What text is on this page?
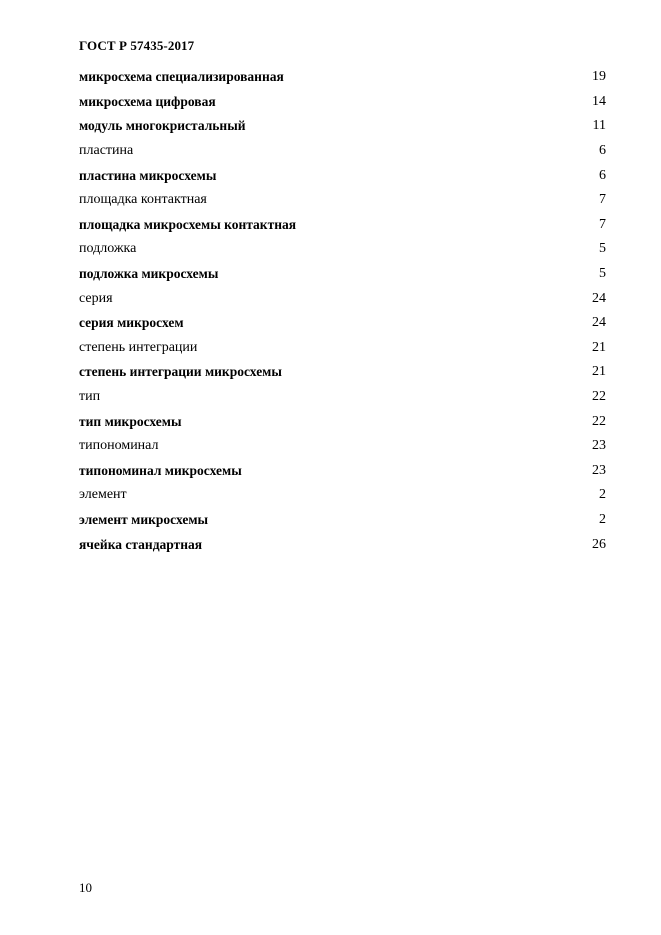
ГОСТ Р 57435-2017
микросхема специализированная	19
микросхема цифровая	14
модуль многокристальный	11
пластина	6
пластина микросхемы	6
площадка контактная	7
площадка микросхемы контактная	7
подложка	5
подложка микросхемы	5
серия	24
серия микросхем	24
степень интеграции	21
степень интеграции микросхемы	21
тип	22
тип микросхемы	22
типономинал	23
типономинал микросхемы	23
элемент	2
элемент микросхемы	2
ячейка стандартная	26
10
